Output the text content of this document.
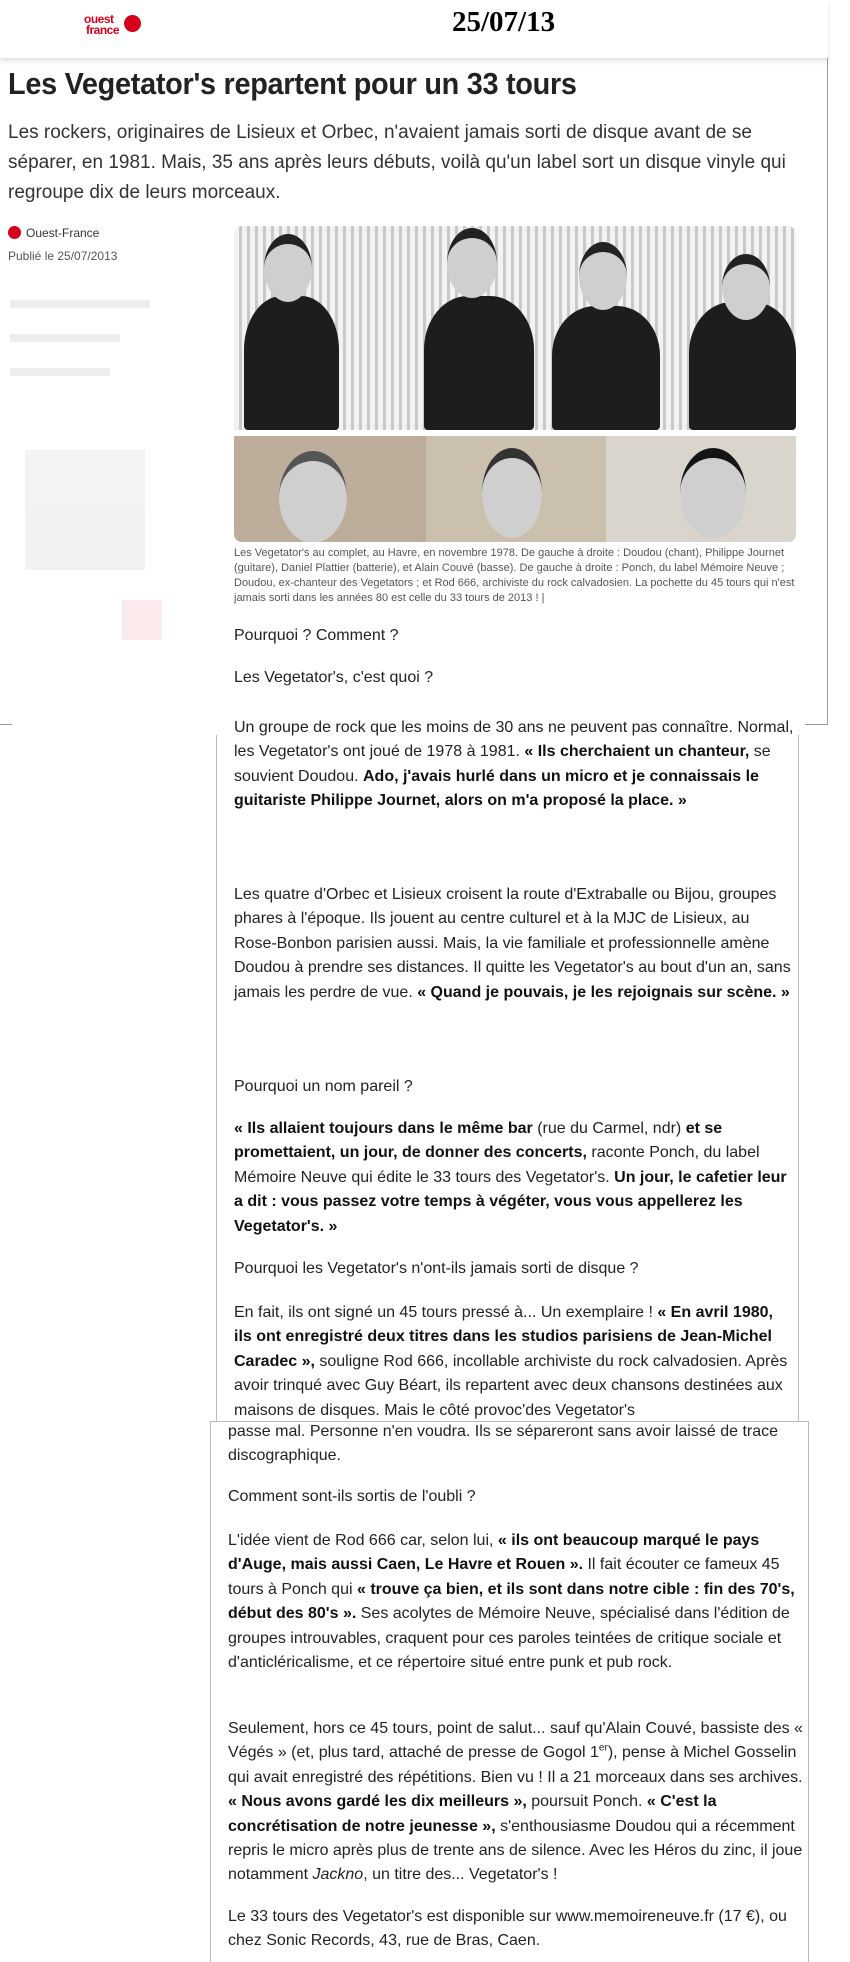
ouest
france	25/07/13
Les Vegetator's repartent pour un 33 tours

Les rockers, originaires de Lisieux et Orbec, n'avaient jamais sorti de disque avant de se séparer, en 1981. Mais, 35 ans après leurs débuts, voilà qu'un label sort un disque vinyle qui regroupe dix de leurs morceaux.

Ouest-France
Publié le 25/07/2013

Les Vegetator's au complet, au Havre, en novembre 1978. De gauche à droite : Doudou (chant), Philippe Journet (guitare), Daniel Plattier (batterie), et Alain Couvé (basse). De gauche à droite : Ponch, du label Mémoire Neuve ; Doudou, ex-chanteur des Vegetators ; et Rod 666, archiviste du rock calvadosien. La pochette du 45 tours qui n'est jamais sorti dans les années 80 est celle du 33 tours de 2013 ! |

Pourquoi ? Comment ?

Les Vegetator's, c'est quoi ?

Un groupe de rock que les moins de 30 ans ne peuvent pas connaître. Normal, les Vegetator's ont joué de 1978 à 1981. « Ils cherchaient un chanteur, se souvient Doudou. Ado, j'avais hurlé dans un micro et je connaissais le guitariste Philippe Journet, alors on m'a proposé la place. »

Les quatre d'Orbec et Lisieux croisent la route d'Extraballe ou Bijou, groupes phares à l'époque. Ils jouent au centre culturel et à la MJC de Lisieux, au Rose-Bonbon parisien aussi. Mais, la vie familiale et professionnelle amène Doudou à prendre ses distances. Il quitte les Vegetator's au bout d'un an, sans jamais les perdre de vue. « Quand je pouvais, je les rejoignais sur scène. »

Pourquoi un nom pareil ?

« Ils allaient toujours dans le même bar (rue du Carmel, ndr) et se promettaient, un jour, de donner des concerts, raconte Ponch, du label Mémoire Neuve qui édite le 33 tours des Vegetator's. Un jour, le cafetier leur a dit : vous passez votre temps à végéter, vous vous appellerez les Vegetator's. »

Pourquoi les Vegetator's n'ont-ils jamais sorti de disque ?

En fait, ils ont signé un 45 tours pressé à... Un exemplaire ! « En avril 1980, ils ont enregistré deux titres dans les studios parisiens de Jean-Michel Caradec », souligne Rod 666, incollable archiviste du rock calvadosien. Après avoir trinqué avec Guy Béart, ils repartent avec deux chansons destinées aux maisons de disques. Mais le côté provoc'des Vegetator's

passe mal. Personne n'en voudra. Ils se sépareront sans avoir laissé de trace discographique.

Comment sont-ils sortis de l'oubli ?

L'idée vient de Rod 666 car, selon lui, « ils ont beaucoup marqué le pays d'Auge, mais aussi Caen, Le Havre et Rouen ». Il fait écouter ce fameux 45 tours à Ponch qui « trouve ça bien, et ils sont dans notre cible : fin des 70's, début des 80's ». Ses acolytes de Mémoire Neuve, spécialisé dans l'édition de groupes introuvables, craquent pour ces paroles teintées de critique sociale et d'anticléricalisme, et ce répertoire situé entre punk et pub rock.

Seulement, hors ce 45 tours, point de salut... sauf qu'Alain Couvé, bassiste des « Végés » (et, plus tard, attaché de presse de Gogol 1er), pense à Michel Gosselin qui avait enregistré des répétitions. Bien vu ! Il a 21 morceaux dans ses archives. « Nous avons gardé les dix meilleurs », poursuit Ponch. « C'est la concrétisation de notre jeunesse », s'enthousiasme Doudou qui a récemment repris le micro après plus de trente ans de silence. Avec les Héros du zinc, il joue notamment Jackno, un titre des... Vegetator's !

Le 33 tours des Vegetator's est disponible sur www.memoireneuve.fr (17 €), ou chez Sonic Records, 43, rue de Bras, Caen.
